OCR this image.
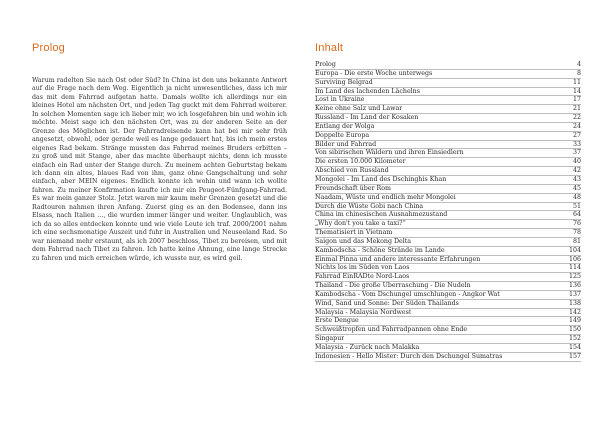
Prolog
Warum radelten Sie nach Ost oder Süd? In China ist den uns bekannte Antwort auf die Frage nach dem Weg. Eigentlich ja nicht unwesentliches, dass ich mir das mit dem Fahrrad aufgetan hatte. Damals wollte ich allerdings nur ein kleines Hotel am nächsten Ort, und jeden Tag guckt mit dem Fahrrad weiterer. In solchen Momenten sage ich lieber mir, wo ich losgefahren bin und wohin ich möchte. Meist sage ich den nächsten Ort, was zu der anderen Seite an der Grenze des Möglichen ist. Der Fahrradreisende kann hat bei mir sehr früh angesetzt, obwohl, oder gerade weil es lange gedauert hat, bis ich mein erstes eigenes Rad bekam. Stränge mussten das Fahrrad meines Bruders erbitten – zu groß und mit Stange, aber das machte überhaupt nichts, denn ich musste einfach ein Rad unter der Stange durch. Zu meinem achten Geburtstag bekam ich dann ein altes, blaues Rad von ihm, ganz ohne Gangschaltung und sehr einfach, aber MEIN eigenes. Endlich konnte ich wohin und wann ich wollte fahren. Zu meiner Konfirmation kaufte ich mir ein Peugeot-Fünfgang-Fahrrad. Es war mein ganzer Stolz. Jetzt waren mir kaum mehr Grenzen gesetzt und die Radtouren nahmen ihren Anfang. Zuerst ging es an den Bodensee, dann ins Elsass, nach Italien …, die wurden immer länger und weiter. Unglaublich, was ich da so alles entdecken konnte und wie viele Leute ich traf. 2000/2001 nahm ich eine sechsmonatige Auszeit und fuhr in Australien und Neuseeland Rad. So war niemand mehr erstaunt, als ich 2007 beschloss, Tibet zu bereisen, und mit dem Fahrrad nach Tibet zu fahren. Ich hatte keine Ahnung, eine lange Strecke zu fahren und mich erreichen würde, ich wusste nur, es wird geil.
Inhalt
Prolog	4
Europa - Die erste Woche unterwegs	8
Surviving Belgrad	11
Im Land des lachenden Lächelns	14
Lost in Ukraine	17
Keine ohne Salz und Lawar	21
Russland - Im Land der Kosaken	22
Entlang der Wolga	24
Doppelte Europa	27
Bilder und Fahrrad	33
Von sibirischen Wäldern und ihren Einsiedlern	37
Die ersten 10.000 Kilometer	40
Abschied von Russland	42
Mongolei - Im Land des Dschinghis Khan	43
Freundschaft über Rom	45
Naadam, Wüste und endlich mehr Mongolei	48
Durch die Wüste Gobi nach China	51
China im chinesischen Ausnahmezustand	64
„Why don't you take a taxi?“	76
Thematisiert in Vietnam	78
Saigon und das Mekong Delta	81
Kambodscha - Schöne Strände im Lande	104
Einmal Pinna und andere interessante Erfahrungen	106
Nichts los im Süden von Laos	114
Fahrrad EinRADte Nord-Laos	125
Thailand - Die große Überraschung - Die Nudeln	136
Kambodscha - Vom Dschungel umschlungen - Angkor Wat	137
Wind, Sand und Sonne: Der Süden Thailands	138
Malaysia - Malaysia Nordwest	142
Erste Dengue	149
Schweißtropfen und Fahrradpannen ohne Ende	150
Singapur	152
Malaysia - Zurück nach Malakka	154
Indonesien - Hello Mister: Durch den Dschungel Sumatras	157
